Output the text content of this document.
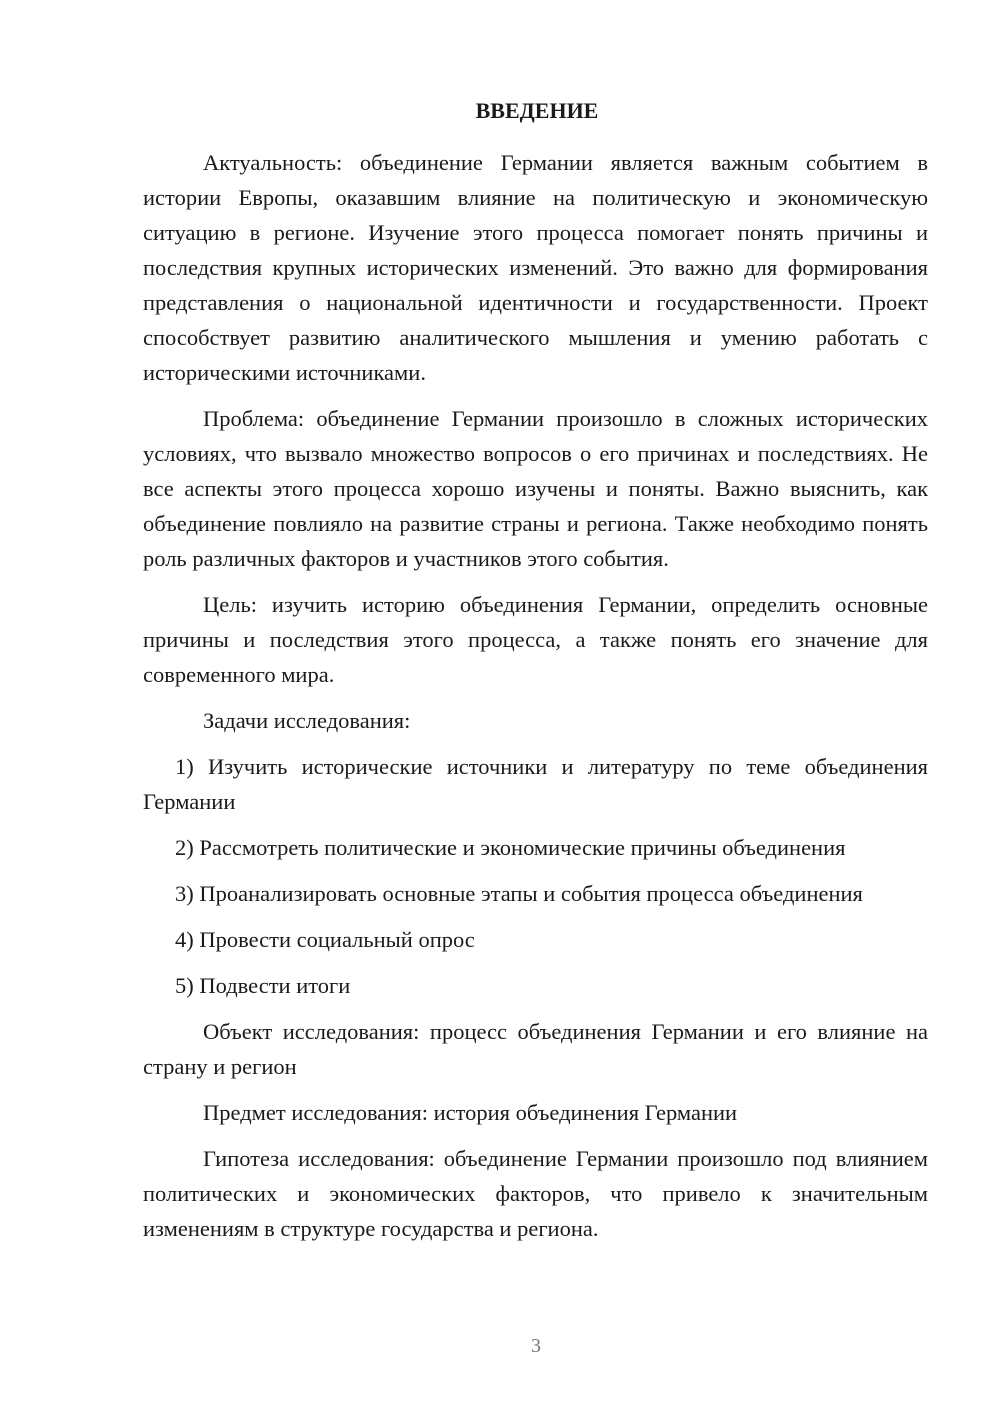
ВВЕДЕНИЕ

Актуальность: объединение Германии является важным событием в истории Европы, оказавшим влияние на политическую и экономическую ситуацию в регионе. Изучение этого процесса помогает понять причины и последствия крупных исторических изменений. Это важно для формирования представления о национальной идентичности и государственности. Проект способствует развитию аналитического мышления и умению работать с историческими источниками.

Проблема: объединение Германии произошло в сложных исторических условиях, что вызвало множество вопросов о его причинах и последствиях. Не все аспекты этого процесса хорошо изучены и поняты. Важно выяснить, как объединение повлияло на развитие страны и региона. Также необходимо понять роль различных факторов и участников этого события.

Цель: изучить историю объединения Германии, определить основные причины и последствия этого процесса, а также понять его значение для современного мира.

Задачи исследования:

1) Изучить исторические источники и литературу по теме объединения Германии

2) Рассмотреть политические и экономические причины объединения

3) Проанализировать основные этапы и события процесса объединения

4) Провести социальный опрос

5) Подвести итоги

Объект исследования: процесс объединения Германии и его влияние на страну и регион

Предмет исследования: история объединения Германии

Гипотеза исследования: объединение Германии произошло под влиянием политических и экономических факторов, что привело к значительным изменениям в структуре государства и региона.

3
